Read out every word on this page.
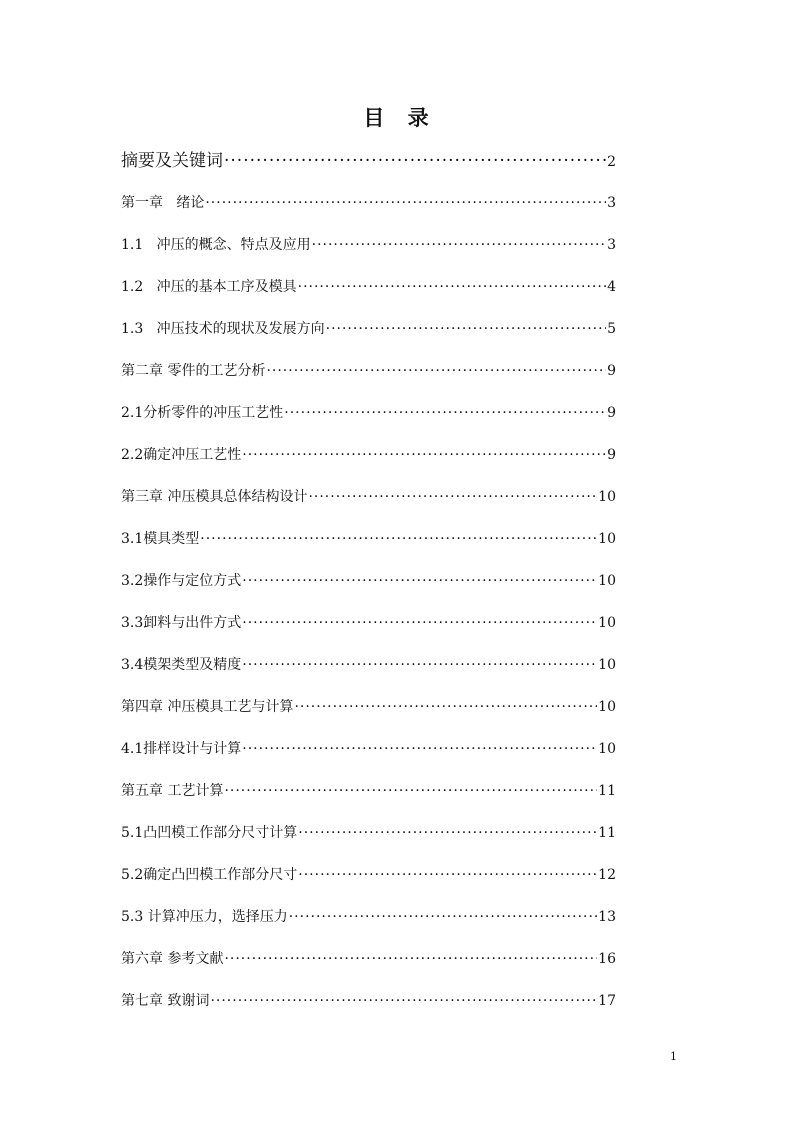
目 录
摘要及关键词 ·····	2
第一章   绪论 ·····	3
1.1   冲压的概念、特点及应用 ·····	3
1.2   冲压的基本工序及模具 ·····	4
1.3   冲压技术的现状及发展方向 ·····	5
第二章 零件的工艺分析 ·····	9
2.1分析零件的冲压工艺性 ·····	9
2.2确定冲压工艺性 ·····	9
第三章 冲压模具总体结构设计 ·····	10
3.1模具类型 ·····	10
3.2操作与定位方式 ·····	10
3.3卸料与出件方式 ·····	10
3.4模架类型及精度 ·····	10
第四章 冲压模具工艺与计算 ·····	10
4.1排样设计与计算 ·····	10
第五章 工艺计算 ·····	11
5.1凸凹模工作部分尺寸计算 ·····	11
5.2确定凸凹模工作部分尺寸 ·····	12
5.3 计算冲压力，选择压力 ·····	13
第六章 参考文献 ·····	16
第七章 致谢词 ·····	17
1
